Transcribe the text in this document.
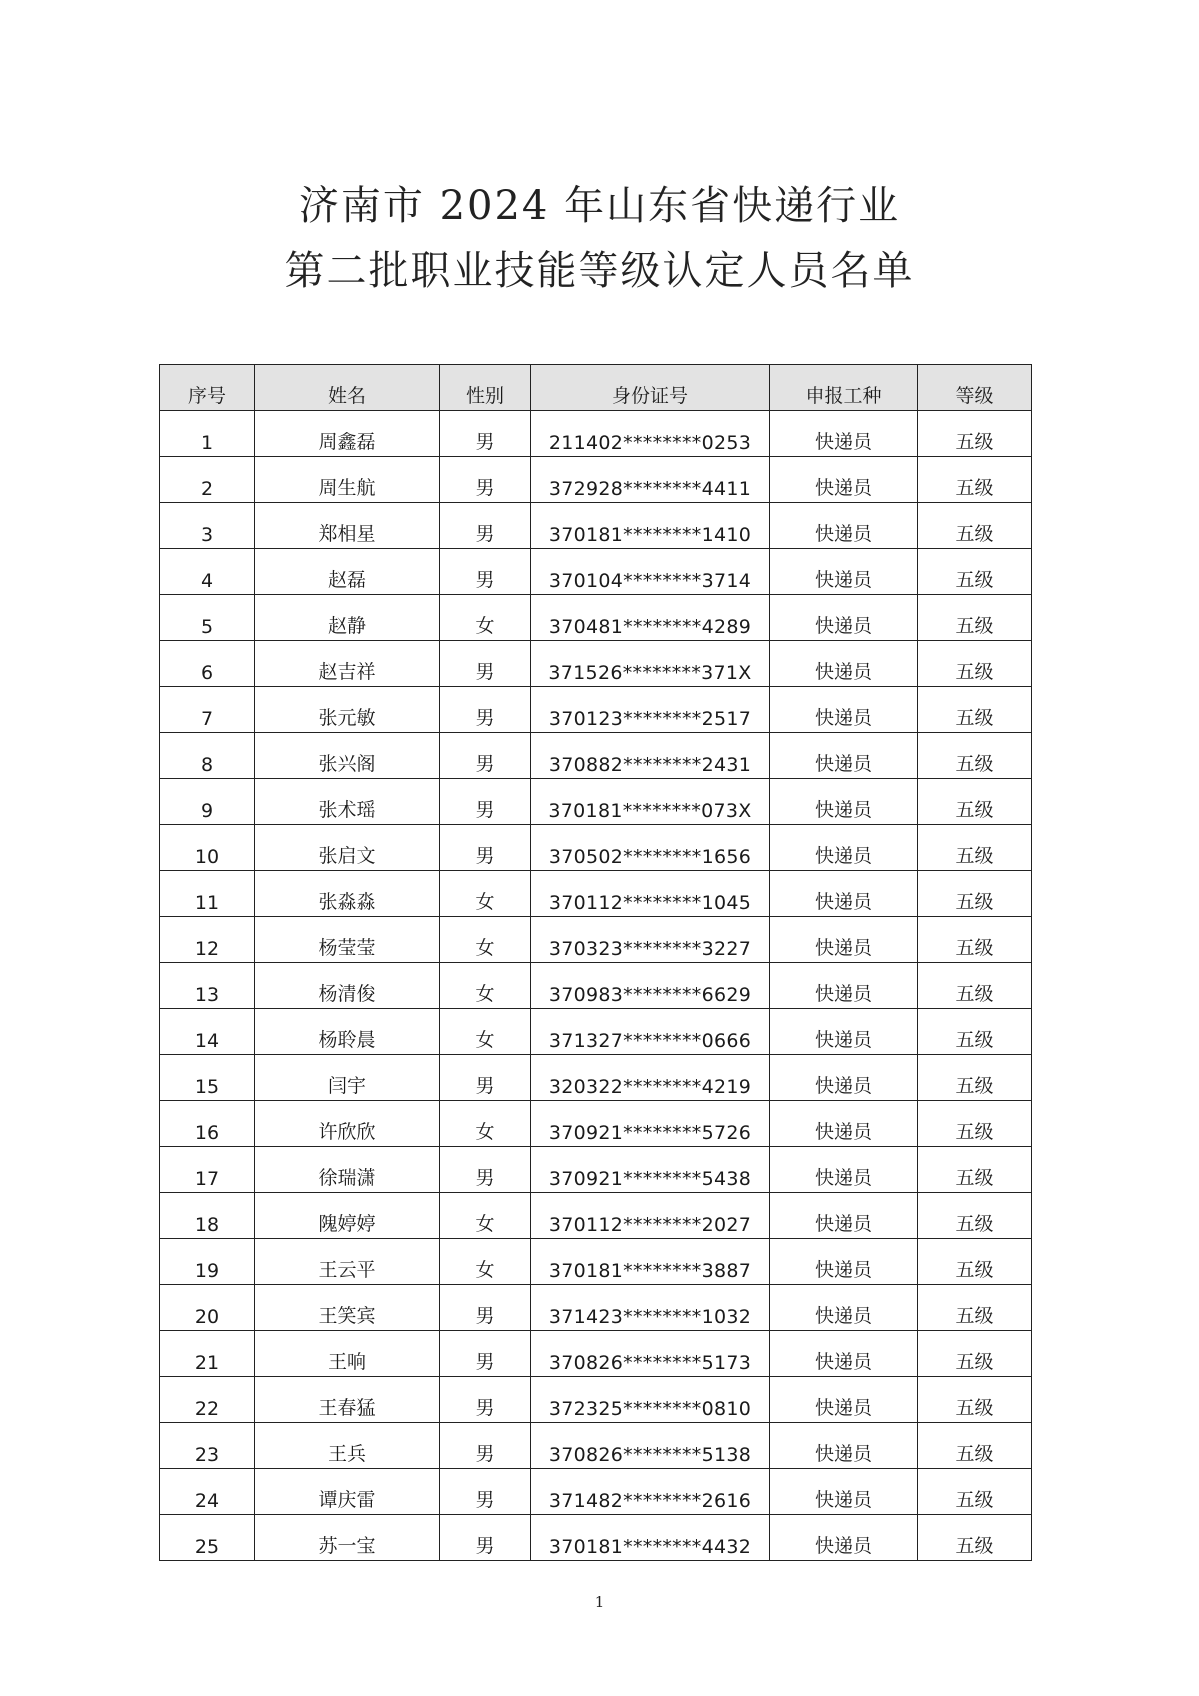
济南市 2024 年山东省快递行业
第二批职业技能等级认定人员名单
序号	姓名	性别	身份证号	申报工种	等级
1	周鑫磊	男	211402********0253	快递员	五级
2	周生航	男	372928********4411	快递员	五级
3	郑相星	男	370181********1410	快递员	五级
4	赵磊	男	370104********3714	快递员	五级
5	赵静	女	370481********4289	快递员	五级
6	赵吉祥	男	371526********371X	快递员	五级
7	张元敏	男	370123********2517	快递员	五级
8	张兴阁	男	370882********2431	快递员	五级
9	张术瑶	男	370181********073X	快递员	五级
10	张启文	男	370502********1656	快递员	五级
11	张淼淼	女	370112********1045	快递员	五级
12	杨莹莹	女	370323********3227	快递员	五级
13	杨清俊	女	370983********6629	快递员	五级
14	杨聆晨	女	371327********0666	快递员	五级
15	闫宇	男	320322********4219	快递员	五级
16	许欣欣	女	370921********5726	快递员	五级
17	徐瑞潇	男	370921********5438	快递员	五级
18	隗婷婷	女	370112********2027	快递员	五级
19	王云平	女	370181********3887	快递员	五级
20	王笑宾	男	371423********1032	快递员	五级
21	王响	男	370826********5173	快递员	五级
22	王春猛	男	372325********0810	快递员	五级
23	王兵	男	370826********5138	快递员	五级
24	谭庆雷	男	371482********2616	快递员	五级
25	苏一宝	男	370181********4432	快递员	五级
1
